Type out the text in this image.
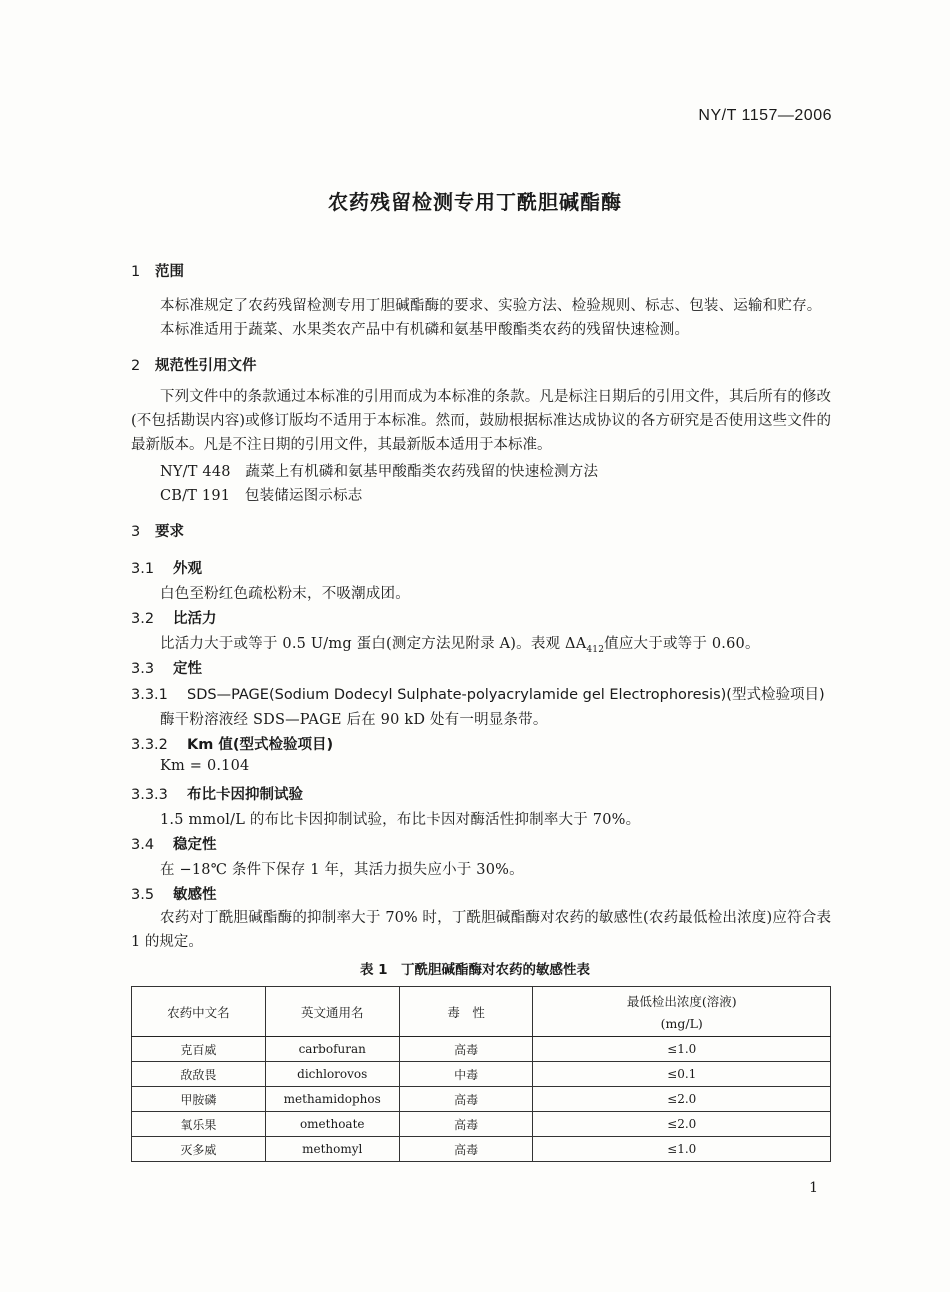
NY/T 1157—2006
农药残留检测专用丁酰胆碱酯酶
1 范围
本标准规定了农药残留检测专用丁胆碱酯酶的要求、实验方法、检验规则、标志、包装、运输和贮存。
本标准适用于蔬菜、水果类农产品中有机磷和氨基甲酸酯类农药的残留快速检测。
2 规范性引用文件
下列文件中的条款通过本标准的引用而成为本标准的条款。凡是标注日期后的引用文件，其后所有的修改(不包括勘误内容)或修订版均不适用于本标准。然而，鼓励根据标准达成协议的各方研究是否使用这些文件的最新版本。凡是不注日期的引用文件，其最新版本适用于本标准。
NY/T 448　蔬菜上有机磷和氨基甲酸酯类农药残留的快速检测方法
CB/T 191　包装储运图示标志
3 要求
3.1 外观
白色至粉红色疏松粉末，不吸潮成团。
3.2 比活力
比活力大于或等于 0.5 U/mg 蛋白(测定方法见附录 A)。表观 $\Delta A_{412}$值应大于或等于 0.60。
3.3 定性
3.3.1 SDS—PAGE(Sodium Dodecyl Sulphate-polyacrylamide gel Electrophoresis)(型式检验项目)
酶干粉溶液经 SDS—PAGE 后在 90 kD 处有一明显条带。
3.3.2 Km 值(型式检验项目)
Km = 0.104
3.3.3 布比卡因抑制试验
1.5 mmol/L 的布比卡因抑制试验，布比卡因对酶活性抑制率大于 70%。
3.4 稳定性
在 −18℃ 条件下保存 1 年，其活力损失应小于 30%。
3.5 敏感性
农药对丁酰胆碱酯酶的抑制率大于 70% 时，丁酰胆碱酯酶对农药的敏感性(农药最低检出浓度)应符合表 1 的规定。
表 1　丁酰胆碱酯酶对农药的敏感性表
农药中文名	英文通用名	毒　性	最低检出浓度(溶液)
(mg/L)

克百威	carbofuran	高毒	≤1.0
敌敌畏	dichlorovos	中毒	≤0.1
甲胺磷	methamidophos	高毒	≤2.0
氧乐果	omethoate	高毒	≤2.0
灭多威	methomyl	高毒	≤1.0
1
